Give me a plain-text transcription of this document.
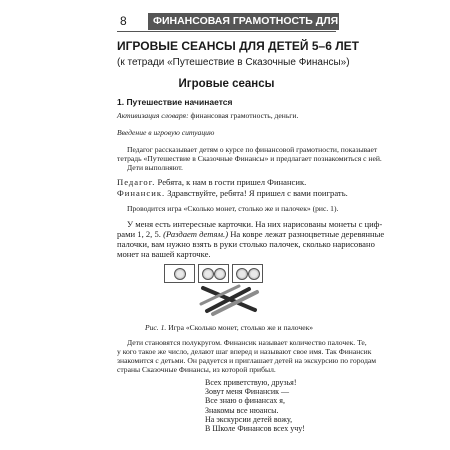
8	ФИНАНСОВАЯ ГРАМОТНОСТЬ ДЛЯ ДЕТЕЙ 5–7 ЛЕТ
ИГРОВЫЕ СЕАНСЫ ДЛЯ ДЕТЕЙ 5–6 ЛЕТ
(к тетради «Путешествие в Сказочные Финансы»)
Игровые сеансы
1. Путешествие начинается
Активизация словаря: финансовая грамотность, деньги.
Введение в игровую ситуацию
Педагог рассказывает детям о курсе по финансовой грамотности, показывает
тетрадь «Путешествие в Сказочные Финансы» и предлагает познакомиться с ней.
Дети выполняют.
Педагог. Ребята, к нам в гости пришел Финансик.
Финансик. Здравствуйте, ребята! Я пришел с вами поиграть.
Проводится игра «Сколько монет, столько же и палочек» (рис. 1).
У меня есть интересные карточки. На них нарисованы монеты с циф-
рами 1, 2, 5. (Раздает детям.) На ковре лежат разноцветные деревянные
палочки, вам нужно взять в руки столько палочек, сколько нарисовано
монет на вашей карточке.
Рис. 1. Игра «Сколько монет, столько же и палочек»
Дети становятся полукругом. Финансик называет количество палочек. Те,
у кого такое же число, делают шаг вперед и называют свое имя. Так Финансик
знакомится с детьми. Он радуется и приглашает детей на экскурсию по городам
страны Сказочные Финансы, из которой прибыл.
Всех приветствую, друзья!
Зовут меня Финансик —
Все знаю о финансах я,
Знакомы все нюансы.
На экскурсии детей вожу,
В Школе Финансов всех учу!
